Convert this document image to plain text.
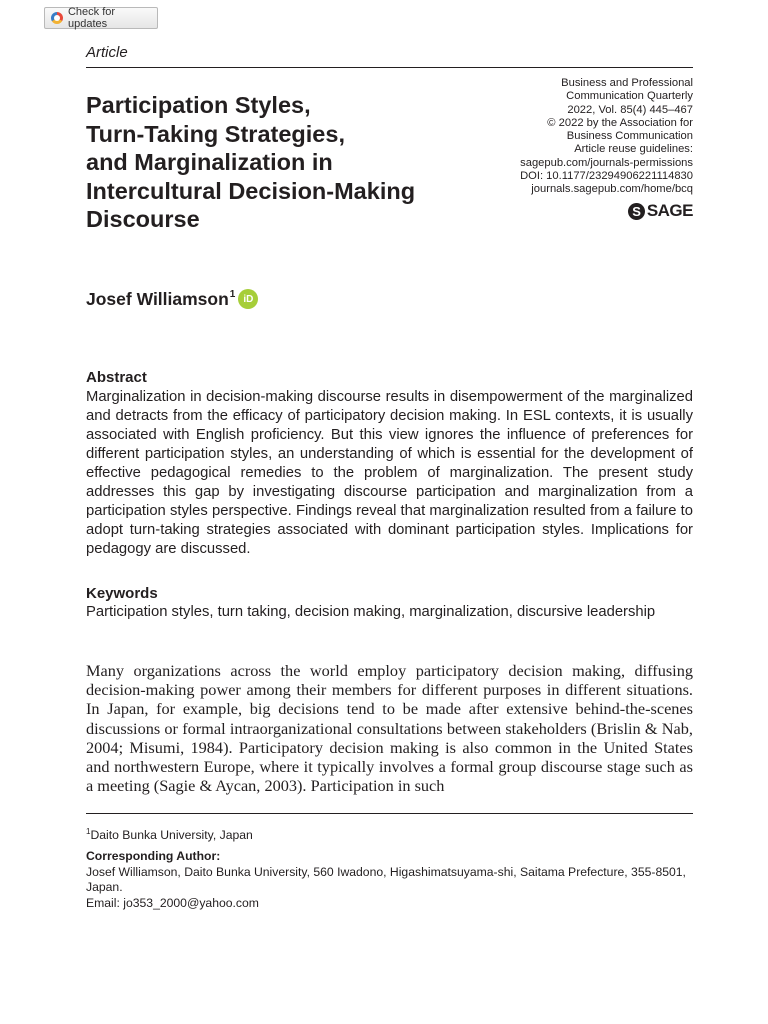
Check for updates
Article
Business and Professional
Communication Quarterly
2022, Vol. 85(4) 445–467
© 2022 by the Association for
Business Communication
Article reuse guidelines:
sagepub.com/journals-permissions
DOI: 10.1177/23294906221114830
journals.sagepub.com/home/bcq
S SAGE
Participation Styles,
Turn-Taking Strategies,
and Marginalization in
Intercultural Decision-Making
Discourse
Josef Williamson$^1$ iD
Abstract
Marginalization in decision-making discourse results in disempowerment of the marginalized and detracts from the efficacy of participatory decision making. In ESL contexts, it is usually associated with English proficiency. But this view ignores the influence of preferences for different participation styles, an understanding of which is essential for the development of effective pedagogical remedies to the problem of marginalization. The present study addresses this gap by investigating discourse participation and marginalization from a participation styles perspective. Findings reveal that marginalization resulted from a failure to adopt turn-taking strategies associated with dominant participation styles. Implications for pedagogy are discussed.
Keywords
Participation styles, turn taking, decision making, marginalization, discursive leadership
Many organizations across the world employ participatory decision making, diffusing decision-making power among their members for different purposes in different situations. In Japan, for example, big decisions tend to be made after extensive behind-the-scenes discussions or formal intraorganizational consultations between stakeholders (Brislin & Nab, 2004; Misumi, 1984). Participatory decision making is also common in the United States and northwestern Europe, where it typically involves a formal group discourse stage such as a meeting (Sagie & Aycan, 2003). Participation in such
$^1$Daito Bunka University, Japan
Corresponding Author:
Josef Williamson, Daito Bunka University, 560 Iwadono, Higashimatsuyama-shi, Saitama Prefecture, 355-8501, Japan.
Email: jo353_2000@yahoo.com
